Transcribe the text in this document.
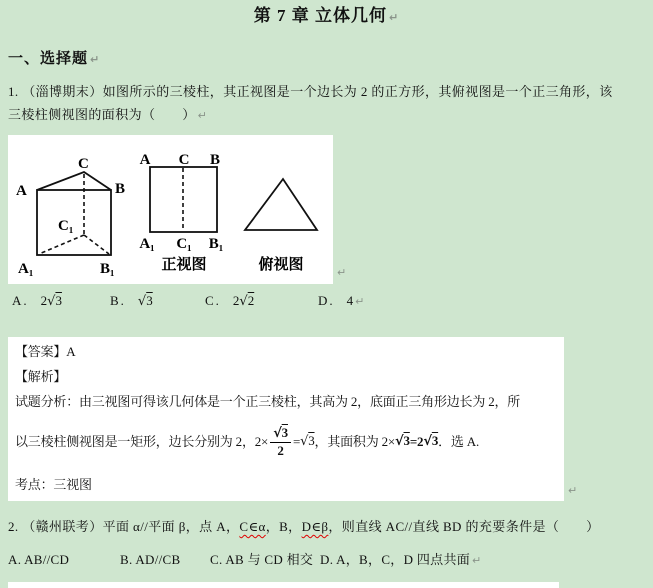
第 7 章 立体几何 ↵
一、选择题 ↵
1. （淄博期末）如图所示的三棱柱，其正视图是一个边长为 2 的正方形，其俯视图是一个正三角形，该
三棱柱侧视图的面积为（　　） ↵
A	B
C
A₁	B₁
C₁
A C B
A₁ C₁ B₁
正视图	俯视图	↵
A. 2 √ 3	B. √ 3	C. 2 √ 2	D. 4 ↵
【答案】A
【解析】
试题分析：由三视图可得该几何体是一个正三棱柱，其高为 2，底面正三角形边长为 2，所
以三棱柱侧视图是一矩形，边长分别为 2，2× √ $\frac{3}{2}$ = √ 3 ，其面积为 2× √ 3 =2 √ 3 ．选 A.
考点：三视图	↵
2. （赣州联考）平面 α//平面 β，点 A，C∈α，B，D∈β，则直线 AC//直线 BD 的充要条件是（　　）
A. AB//CD	B. AD//CB C. AB 与 CD 相交 D. A，B，C，D 四点共面 ↵
